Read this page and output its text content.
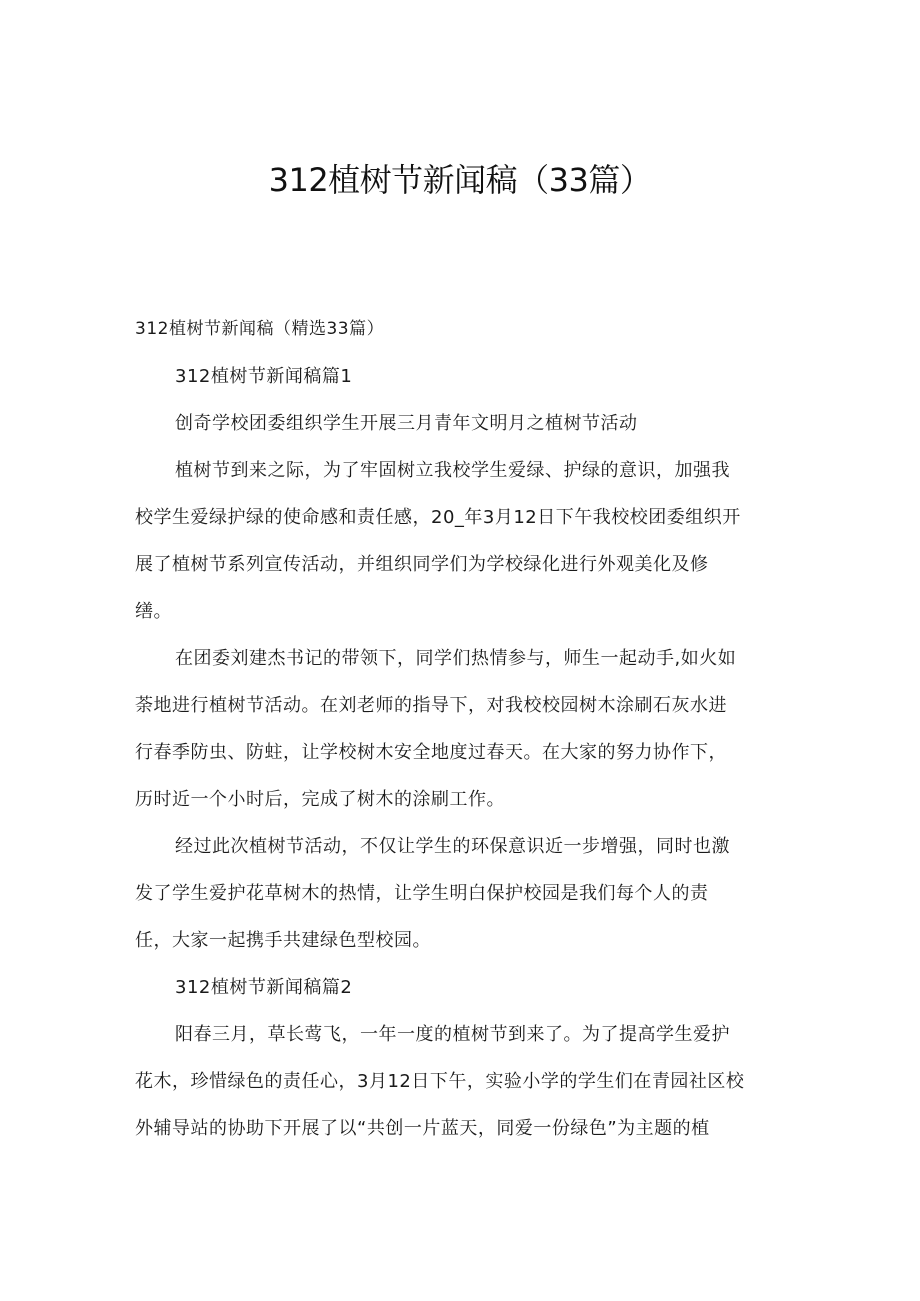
312植树节新闻稿（33篇）
312植树节新闻稿（精选33篇）
312植树节新闻稿篇1
创奇学校团委组织学生开展三月青年文明月之植树节活动
植树节到来之际，为了牢固树立我校学生爱绿、护绿的意识，加强我
校学生爱绿护绿的使命感和责任感，20_年3月12日下午我校校团委组织开
展了植树节系列宣传活动，并组织同学们为学校绿化进行外观美化及修
缮。
在团委刘建杰书记的带领下，同学们热情参与，师生一起动手,如火如
荼地进行植树节活动。在刘老师的指导下，对我校校园树木涂刷石灰水进
行春季防虫、防蛀，让学校树木安全地度过春天。在大家的努力协作下，
历时近一个小时后，完成了树木的涂刷工作。
经过此次植树节活动，不仅让学生的环保意识近一步增强，同时也激
发了学生爱护花草树木的热情，让学生明白保护校园是我们每个人的责
任，大家一起携手共建绿色型校园。
312植树节新闻稿篇2
阳春三月，草长莺飞，一年一度的植树节到来了。为了提高学生爱护
花木，珍惜绿色的责任心，3月12日下午，实验小学的学生们在青园社区校
外辅导站的协助下开展了以“共创一片蓝天，同爱一份绿色”为主题的植
